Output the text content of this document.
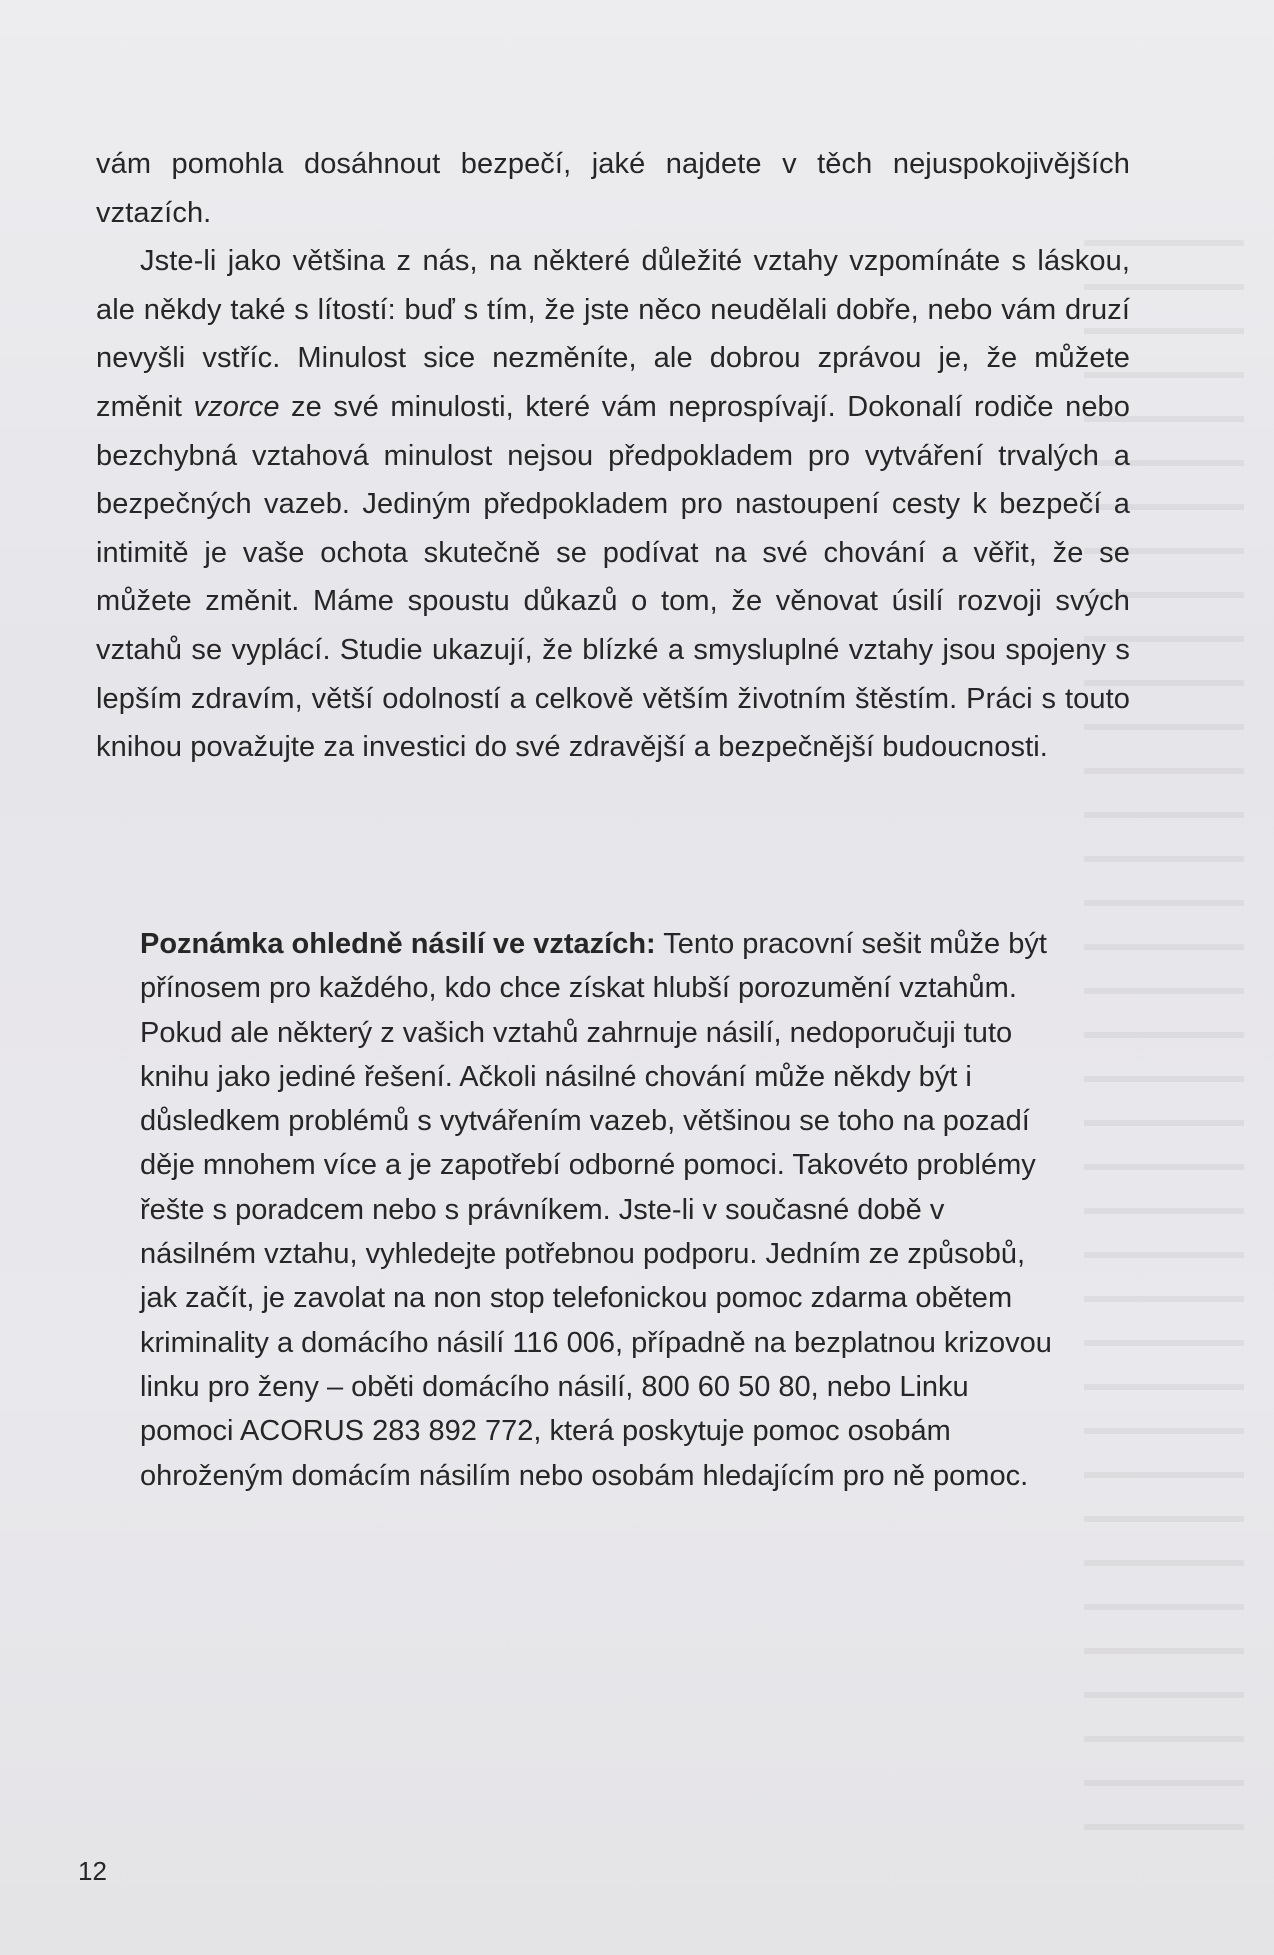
vám pomohla dosáhnout bezpečí, jaké najdete v těch nejuspokojivějších vztazích.

Jste-li jako většina z nás, na některé důležité vztahy vzpomínáte s láskou, ale někdy také s lítostí: buď s tím, že jste něco neudělali dobře, nebo vám druzí nevyšli vstříc. Minulost sice nezměníte, ale dobrou zprávou je, že můžete změnit vzorce ze své minulosti, které vám neprospívají. Dokonalí rodiče nebo bezchybná vztahová minulost nejsou předpokladem pro vytváření trvalých a bezpečných vazeb. Jediným předpokladem pro nastoupení cesty k bezpečí a intimitě je vaše ochota skutečně se podívat na své chování a věřit, že se můžete změnit. Máme spoustu důkazů o tom, že věnovat úsilí rozvoji svých vztahů se vyplácí. Studie ukazují, že blízké a smysluplné vztahy jsou spojeny s lepším zdravím, větší odolností a celkově větším životním štěstím. Práci s touto knihou považujte za investici do své zdravější a bezpečnější budoucnosti.

Poznámka ohledně násilí ve vztazích: Tento pracovní sešit může být přínosem pro každého, kdo chce získat hlubší porozumění vztahům. Pokud ale některý z vašich vztahů zahrnuje násilí, nedoporučuji tuto knihu jako jediné řešení. Ačkoli násilné chování může někdy být i důsledkem problémů s vytvářením vazeb, většinou se toho na pozadí děje mnohem více a je zapotřebí odborné pomoci. Takovéto problémy řešte s poradcem nebo s právníkem. Jste-li v současné době v násilném vztahu, vyhledejte potřebnou podporu. Jedním ze způsobů, jak začít, je zavolat na non stop telefonickou pomoc zdarma obětem kriminality a domácího násilí 116 006, případně na bezplatnou krizovou linku pro ženy – oběti domácího násilí, 800 60 50 80, nebo Linku pomoci ACORUS 283 892 772, která poskytuje pomoc osobám ohroženým domácím násilím nebo osobám hledajícím pro ně pomoc.

12
